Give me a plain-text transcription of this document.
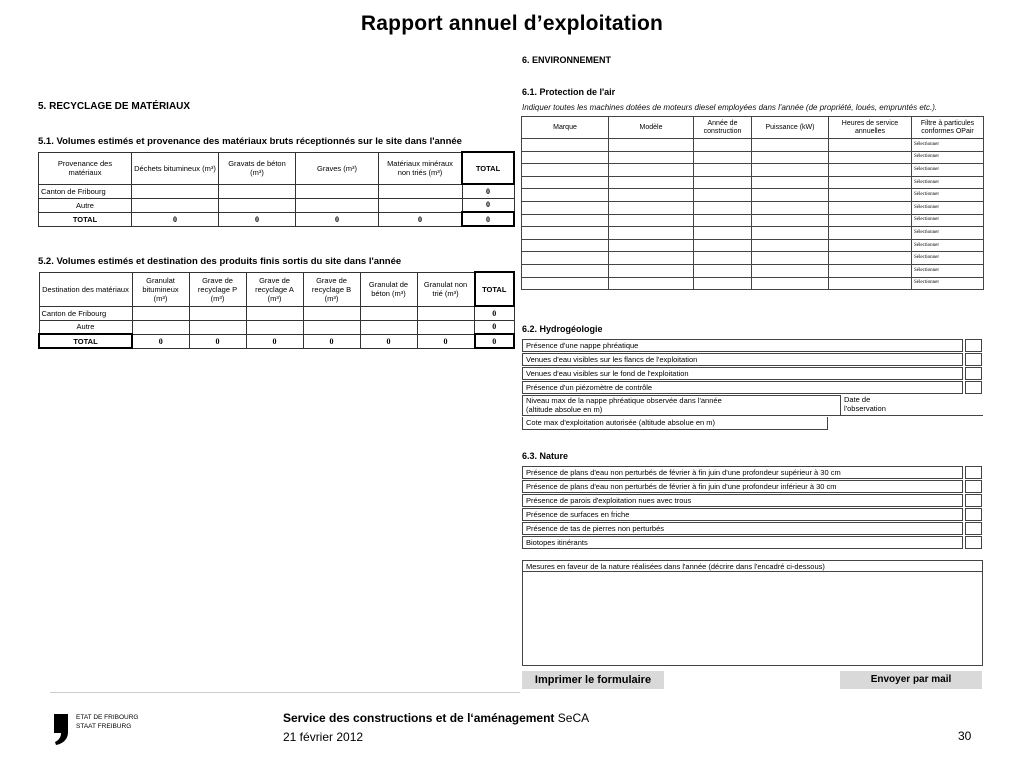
Rapport annuel d’exploitation
5. RECYCLAGE DE MATÉRIAUX
5.1. Volumes estimés et provenance des matériaux bruts réceptionnés sur le site dans l'année
Provenance des matériaux	Déchets bitumineux (m³)	Gravats de béton (m³)	Graves (m³)	Matériaux minéraux non triés (m³)	TOTAL
Canton de Fribourg					0
Autre					0
TOTAL	0	0	0	0	0
5.2. Volumes estimés et destination des produits finis sortis du site dans l'année
Destination des matériaux	Granulat bitumineux (m³)	Grave de recyclage P (m³)	Grave de recyclage A (m³)	Grave de recyclage B (m³)	Granulat de béton (m³)	Granulat non trié (m³)	TOTAL
Canton de Fribourg							0
Autre							0
TOTAL	0	0	0	0	0	0	0
6. ENVIRONNEMENT
6.1. Protection de l'air
Indiquer toutes les machines dotées de moteurs diesel employées dans l'année (de propriété, loués, empruntés etc.).
Marque	Modèle	Année de construction	Puissance (kW)	Heures de service annuelles	Filtre à particules conformes OPair
					Sélectionner
					Sélectionner
					Sélectionner
					Sélectionner
					Sélectionner
					Sélectionner
					Sélectionner
					Sélectionner
					Sélectionner
					Sélectionner
					Sélectionner
					Sélectionner
6.2. Hydrogéologie
Présence d'une nappe phréatique
Venues d'eau visibles sur les flancs de l'exploitation
Venues d'eau visibles sur le fond de l'exploitation
Présence d'un piézomètre de contrôle
Niveau max de la nappe phréatique observée dans l'année
(altitude absolue en m)
Date de
l'observation
Cote max d'exploitation autorisée (altitude absolue en m)
6.3. Nature
Présence de plans d'eau non perturbés de février à fin juin d'une profondeur supérieur à 30 cm
Présence de plans d'eau non perturbés de février à fin juin d'une profondeur inférieur à 30 cm
Présence de parois d'exploitation nues avec trous
Présence de surfaces en friche
Présence de tas de pierres non perturbés
Biotopes itinérants
Mesures en faveur de la nature réalisées dans l'année (décrire dans l'encadré ci-dessous)
Imprimer le formulaire	Envoyer par mail
ETAT DE FRIBOURG
STAAT FREIBURG
Service des constructions et de l‘aménagement SeCA
21 février 2012	30
